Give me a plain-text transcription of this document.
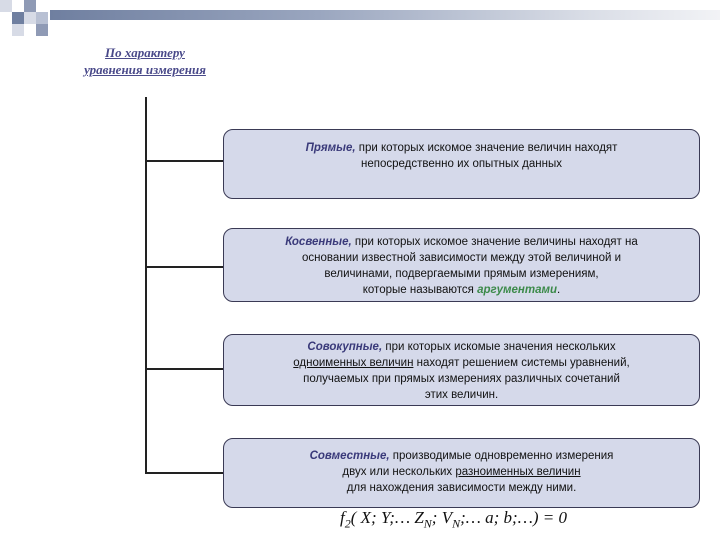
По характеру
уравнения измерения
Прямые, при которых искомое значение величин находят
непосредственно их опытных данных
Косвенные, при которых искомое значение величины находят на
основании известной зависимости между этой величиной и
величинами, подвергаемыми прямым измерениям,
которые называются аргументами.
Совокупные, при которых искомые значения нескольких
одноименных величин находят решением системы уравнений,
получаемых при прямых измерениях различных сочетаний
этих величин.
Совместные, производимые одновременно измерения
двух или нескольких разноименных величин
для нахождения зависимости между ними.
$f_2$( X; Y;… $Z_N$; $V_N;\dots$ a; b;…) = 0
